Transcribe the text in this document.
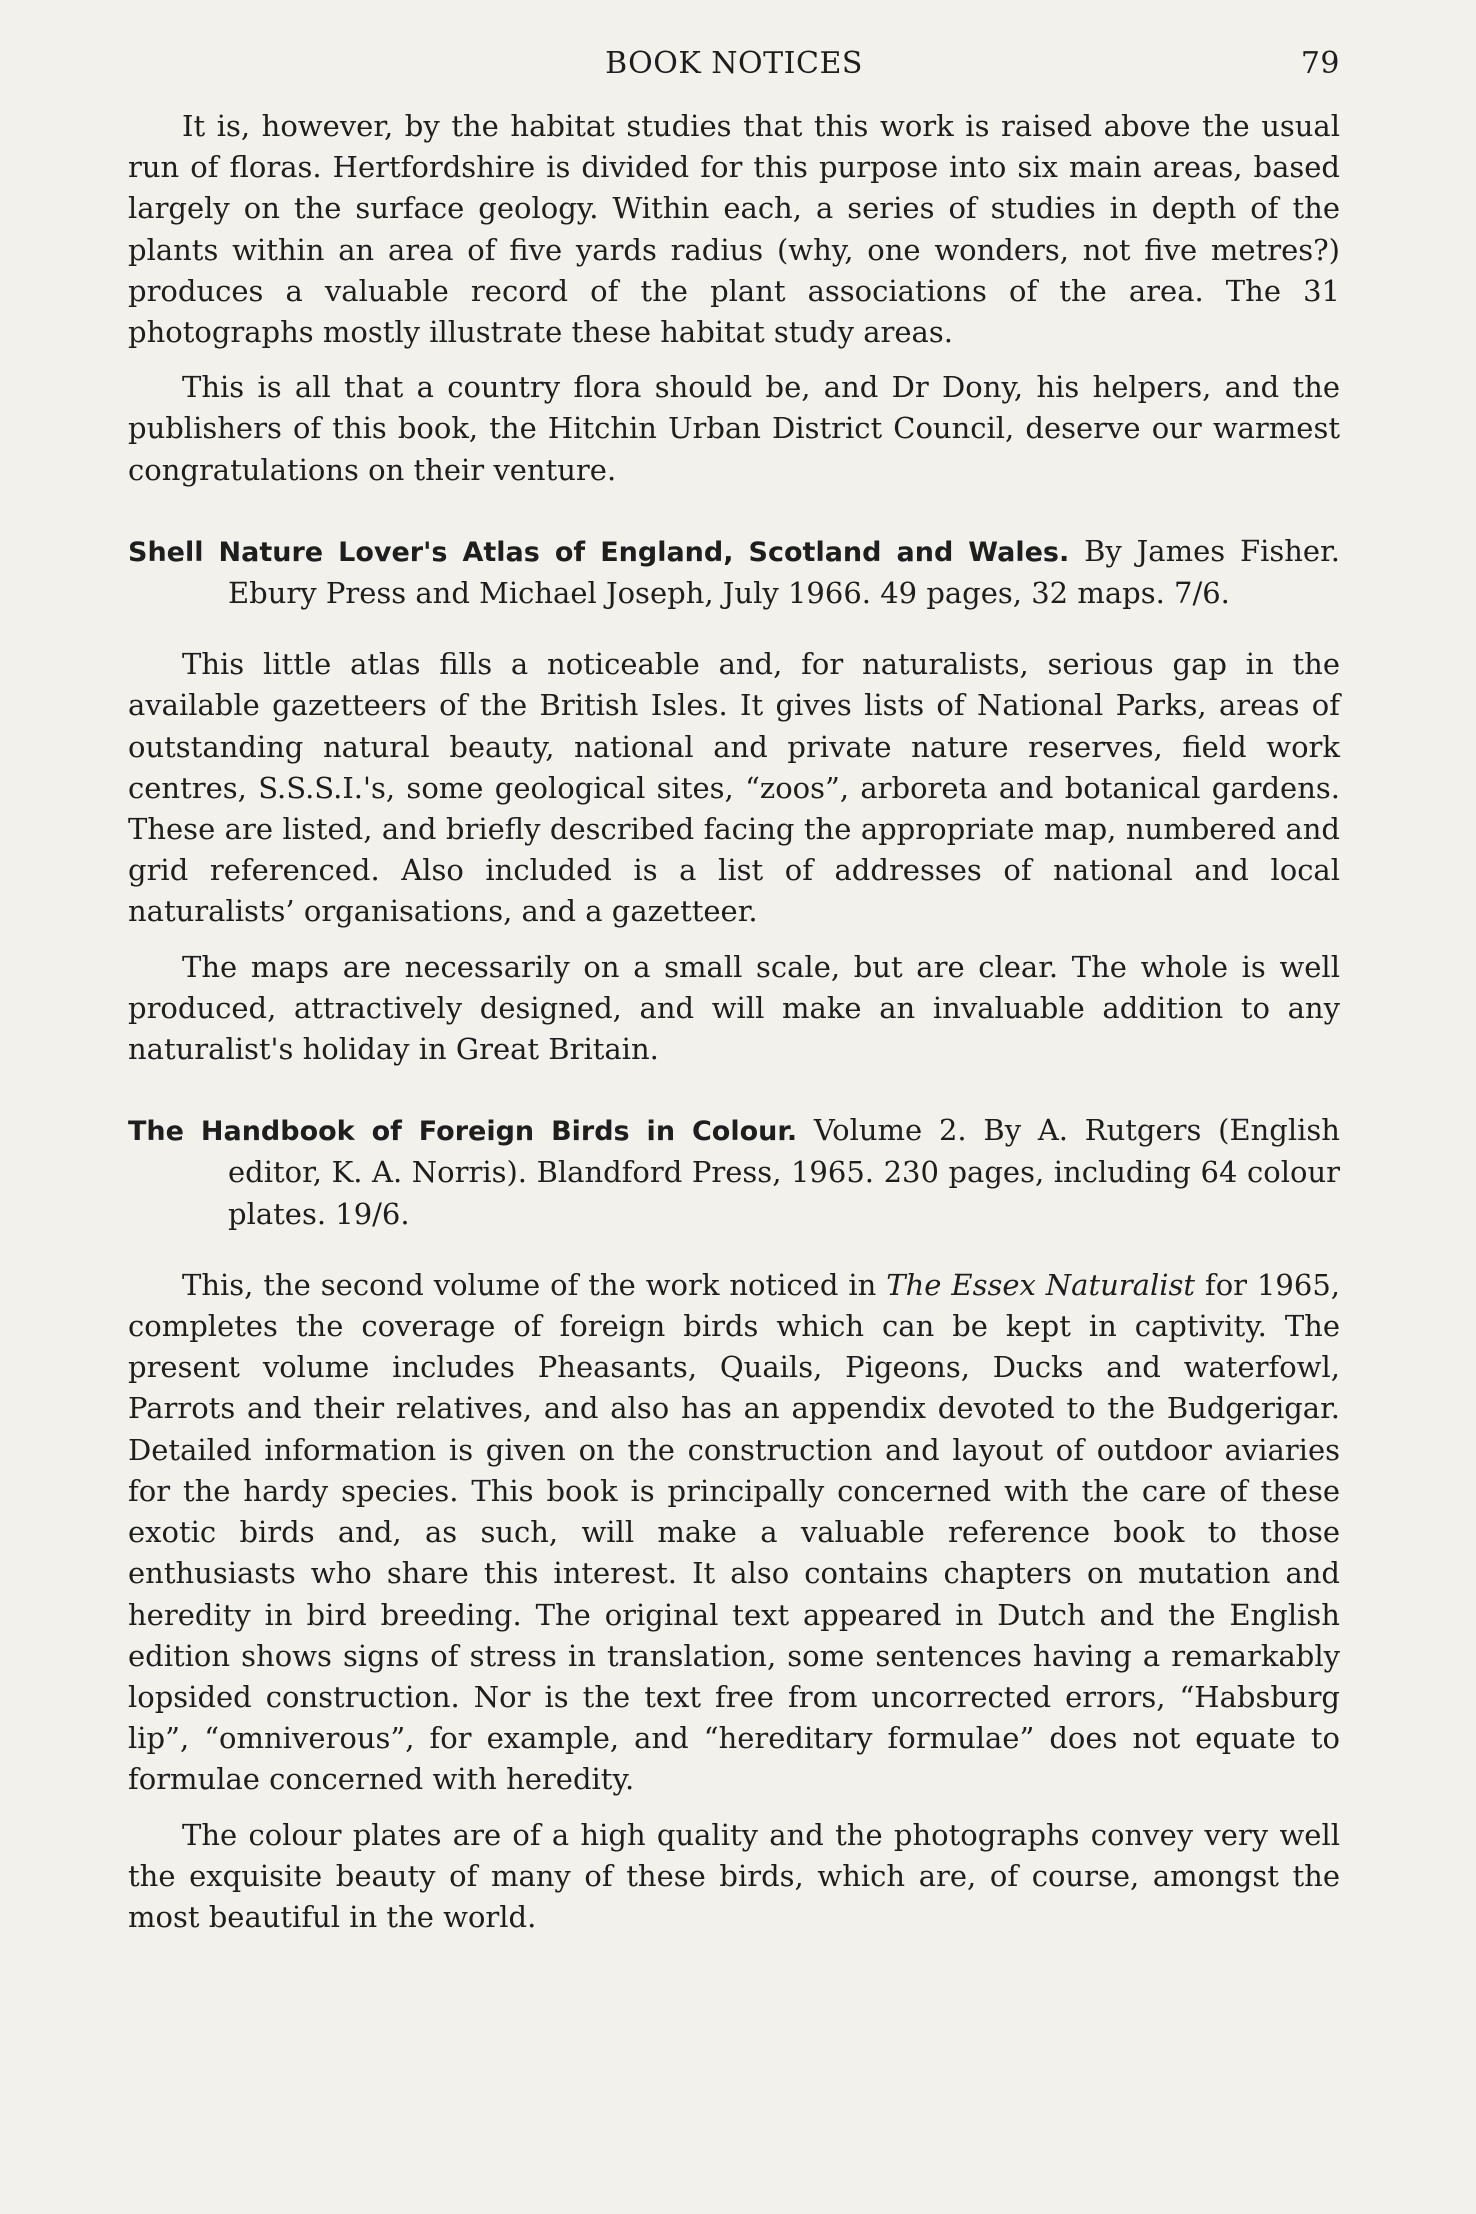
BOOK NOTICES	79

It is, however, by the habitat studies that this work is raised above the usual run of floras. Hertfordshire is divided for this purpose into six main areas, based largely on the surface geology. Within each, a series of studies in depth of the plants within an area of five yards radius (why, one wonders, not five metres?) produces a valuable record of the plant associations of the area. The 31 photographs mostly illustrate these habitat study areas.

This is all that a country flora should be, and Dr Dony, his helpers, and the publishers of this book, the Hitchin Urban District Council, deserve our warmest congratulations on their venture.

Shell Nature Lover's Atlas of England, Scotland and Wales. By James Fisher. Ebury Press and Michael Joseph, July 1966. 49 pages, 32 maps. 7/6.

This little atlas fills a noticeable and, for naturalists, serious gap in the available gazetteers of the British Isles. It gives lists of National Parks, areas of outstanding natural beauty, national and private nature reserves, field work centres, S.S.S.I.'s, some geological sites, “zoos”, arboreta and botanical gardens. These are listed, and briefly described facing the appropriate map, numbered and grid referenced. Also included is a list of addresses of national and local naturalists’ organisations, and a gazetteer.

The maps are necessarily on a small scale, but are clear. The whole is well produced, attractively designed, and will make an invaluable addition to any naturalist's holiday in Great Britain.

The Handbook of Foreign Birds in Colour. Volume 2. By A. Rutgers (English editor, K. A. Norris). Blandford Press, 1965. 230 pages, including 64 colour plates. 19/6.

This, the second volume of the work noticed in The Essex Naturalist for 1965, completes the coverage of foreign birds which can be kept in captivity. The present volume includes Pheasants, Quails, Pigeons, Ducks and waterfowl, Parrots and their relatives, and also has an appendix devoted to the Budgerigar. Detailed information is given on the construction and layout of outdoor aviaries for the hardy species. This book is principally concerned with the care of these exotic birds and, as such, will make a valuable reference book to those enthusiasts who share this interest. It also contains chapters on mutation and heredity in bird breeding. The original text appeared in Dutch and the English edition shows signs of stress in translation, some sentences having a remarkably lopsided construction. Nor is the text free from uncorrected errors, “Habsburg lip”, “omniverous”, for example, and “hereditary formulae” does not equate to formulae concerned with heredity.

The colour plates are of a high quality and the photographs convey very well the exquisite beauty of many of these birds, which are, of course, amongst the most beautiful in the world.
